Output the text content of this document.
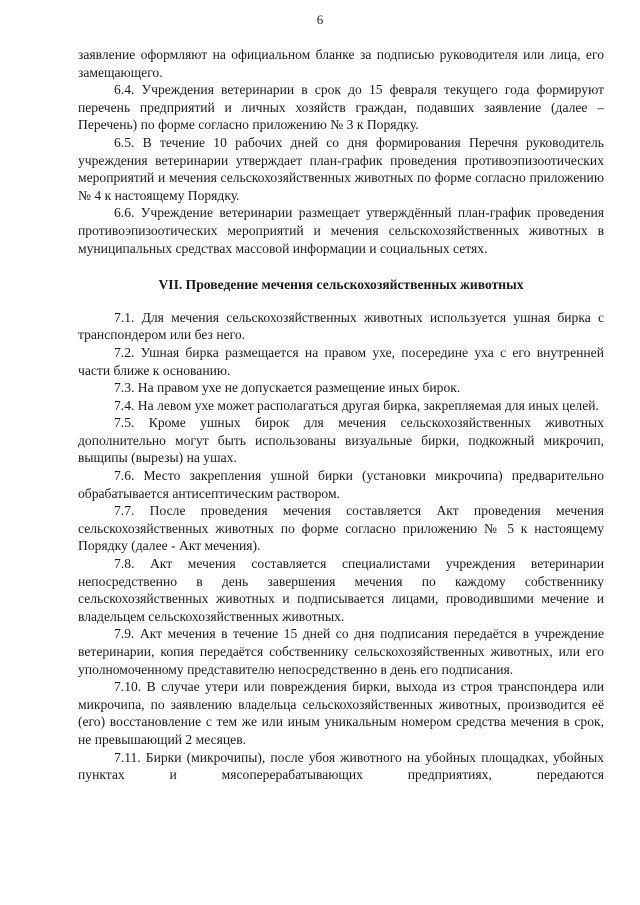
6

заявление оформляют на официальном бланке за подписью руководителя или лица, его замещающего.

6.4. Учреждения ветеринарии в срок до 15 февраля текущего года формируют перечень предприятий и личных хозяйств граждан, подавших заявление (далее – Перечень) по форме согласно приложению № 3 к Порядку.

6.5. В течение 10 рабочих дней со дня формирования Перечня руководитель учреждения ветеринарии утверждает план-график проведения противоэпизоотических мероприятий и мечения сельскохозяйственных животных по форме согласно приложению № 4 к настоящему Порядку.

6.6. Учреждение ветеринарии размещает утверждённый план-график проведения противоэпизоотических мероприятий и мечения сельскохозяйственных животных в муниципальных средствах массовой информации и социальных сетях.

VII. Проведение мечения сельскохозяйственных животных

7.1. Для мечения сельскохозяйственных животных используется ушная бирка с транспондером или без него.

7.2. Ушная бирка размещается на правом ухе, посередине уха с его внутренней части ближе к основанию.

7.3. На правом ухе не допускается размещение иных бирок.

7.4. На левом ухе может располагаться другая бирка, закрепляемая для иных целей.

7.5. Кроме ушных бирок для мечения сельскохозяйственных животных дополнительно могут быть использованы визуальные бирки, подкожный микрочип, выщипы (вырезы) на ушах.

7.6. Место закрепления ушной бирки (установки микрочипа) предварительно обрабатывается антисептическим раствором.

7.7. После проведения мечения составляется Акт проведения мечения сельскохозяйственных животных по форме согласно приложению № 5 к настоящему Порядку (далее - Акт мечения).

7.8. Акт мечения составляется специалистами учреждения ветеринарии непосредственно в день завершения мечения по каждому собственнику сельскохозяйственных животных и подписывается лицами, проводившими мечение и владельцем сельскохозяйственных животных.

7.9. Акт мечения в течение 15 дней со дня подписания передаётся в учреждение ветеринарии, копия передаётся собственнику сельскохозяйственных животных, или его уполномоченному представителю непосредственно в день его подписания.

7.10. В случае утери или повреждения бирки, выхода из строя транспондера или микрочипа, по заявлению владельца сельскохозяйственных животных, производится её (его) восстановление с тем же или иным уникальным номером средства мечения в срок, не превышающий 2 месяцев.

7.11. Бирки (микрочипы), после убоя животного на убойных площадках, убойных пунктах и мясоперерабатывающих предприятиях, передаются
